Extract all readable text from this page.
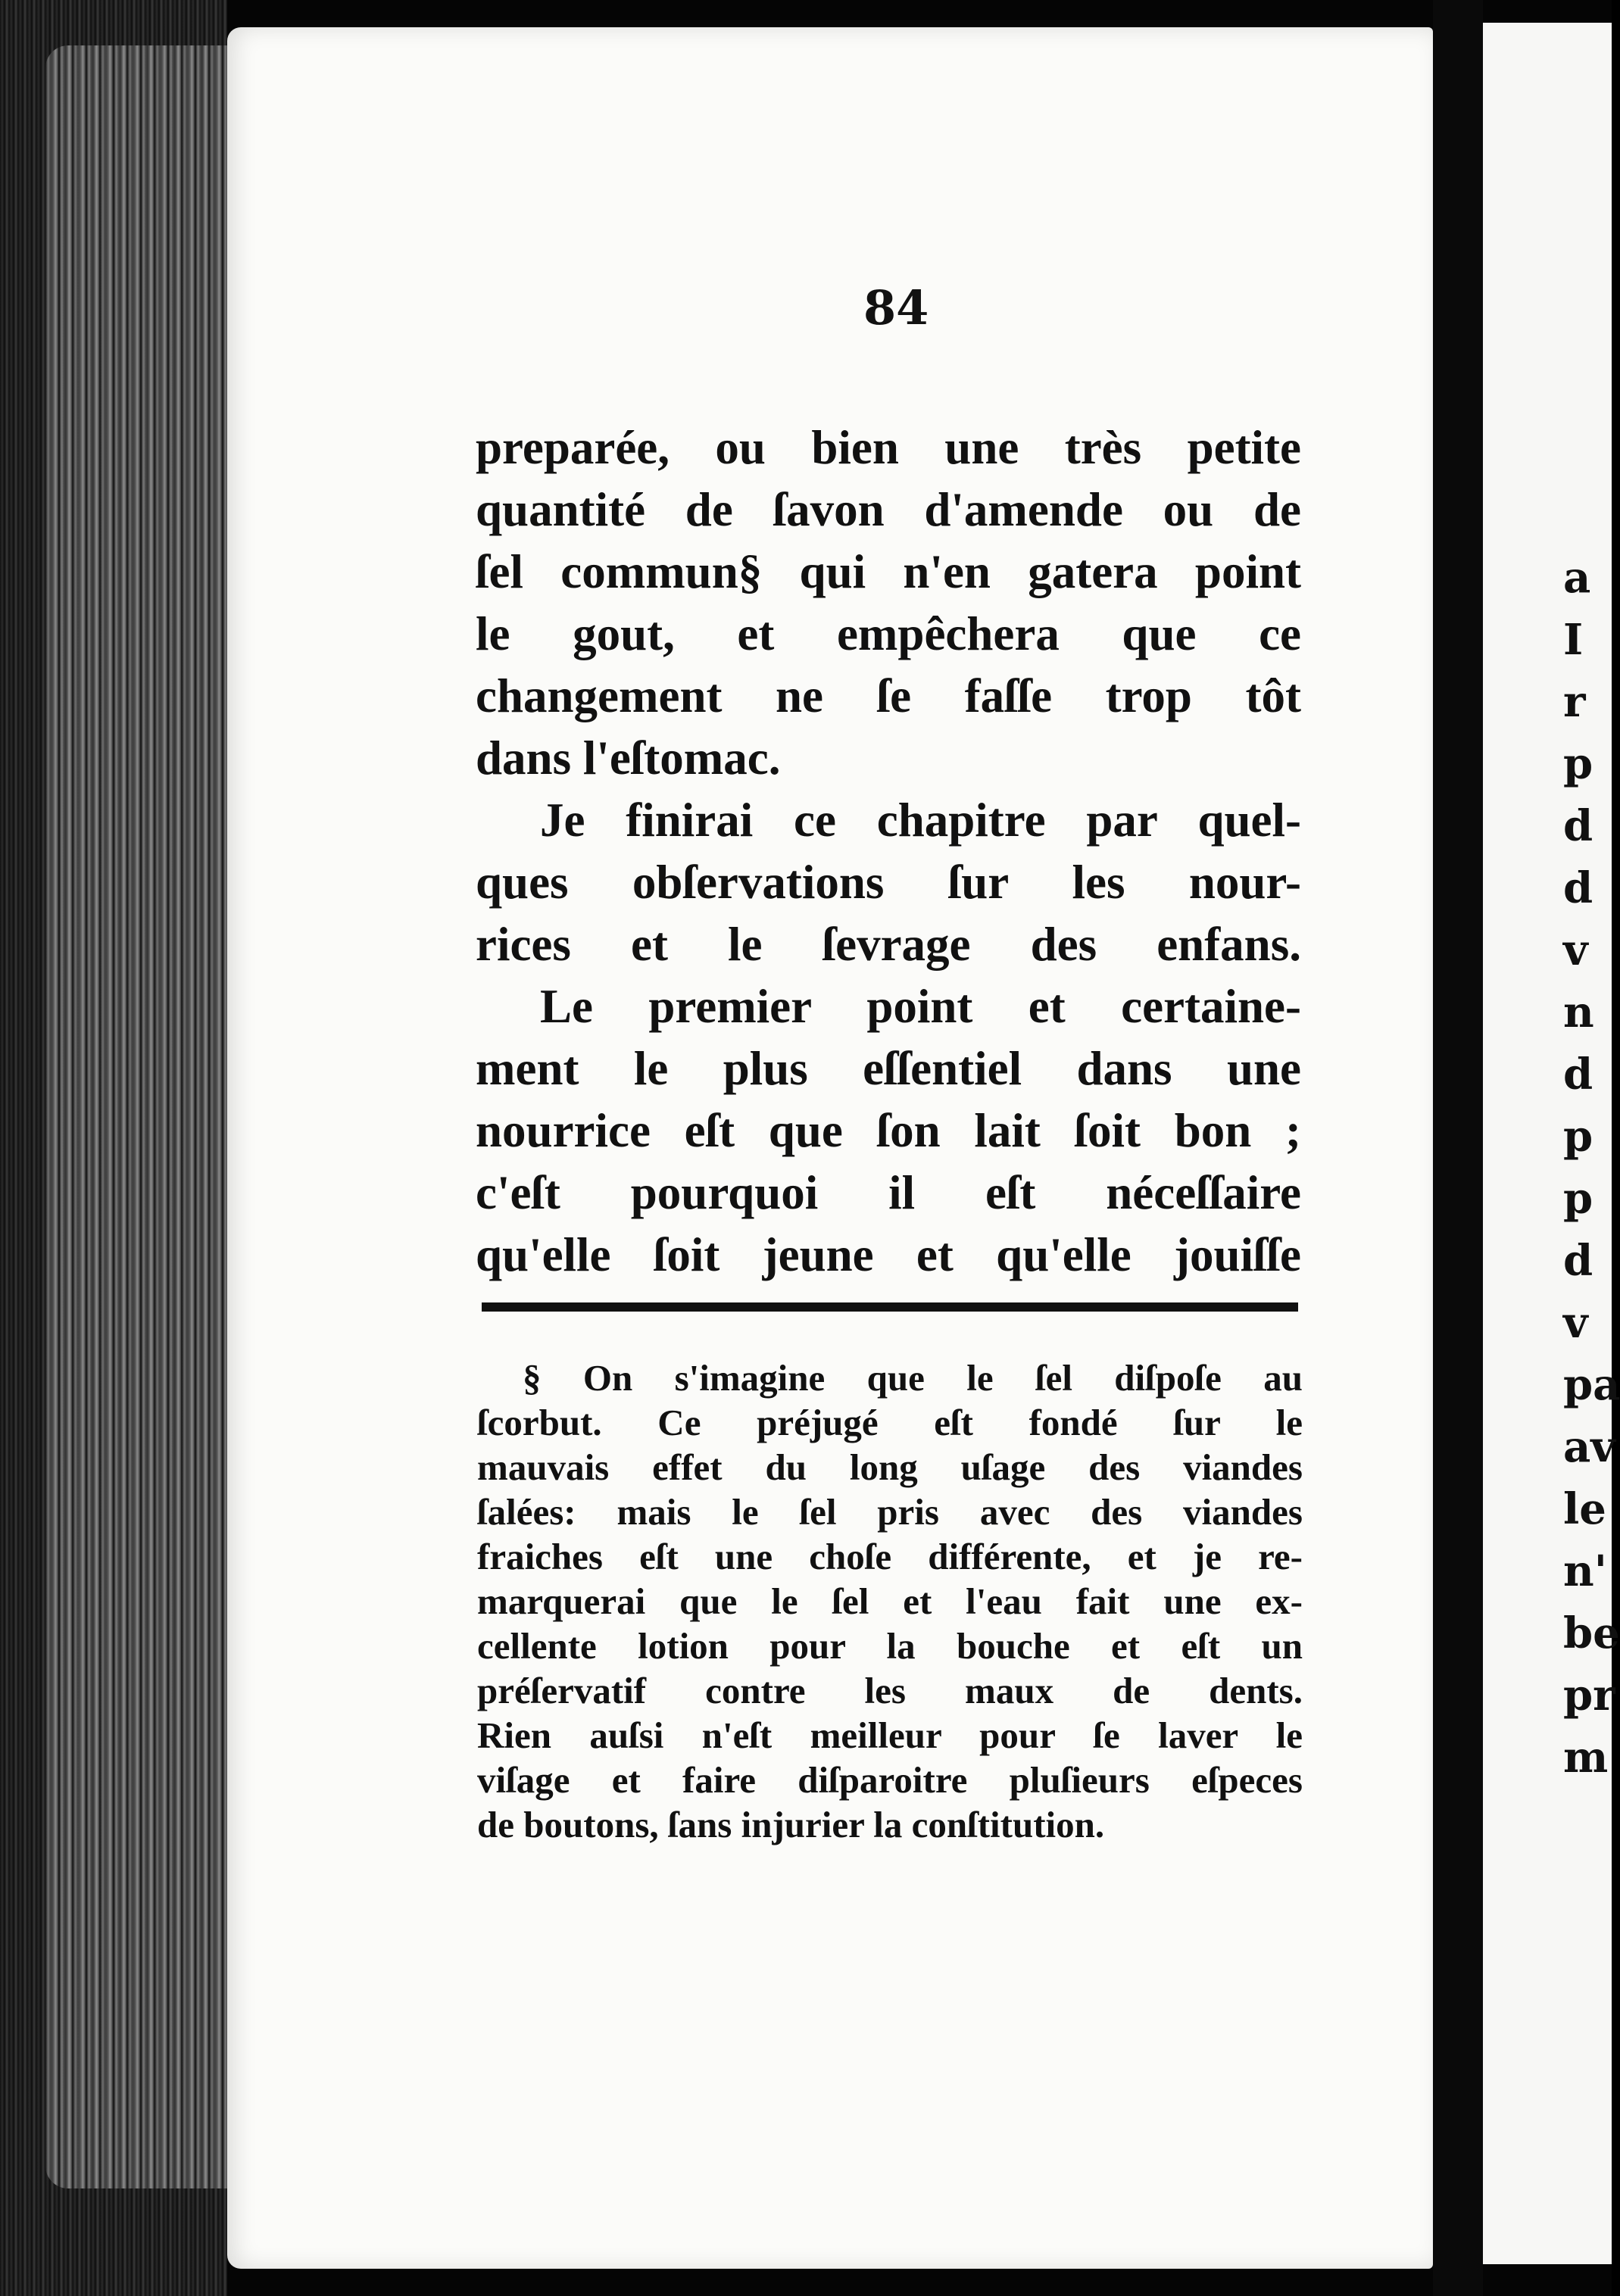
a
I
r
p
d
d
v
n
d
p
p
d
v
pa
av
le
n'
be
pr
m
84
preparée, ou bien une très petite
quantité de ſavon d'amende ou de
ſel commun§ qui n'en gatera point
le gout, et empêchera que ce
changement ne ſe faſſe trop tôt
dans l'eſtomac.
Je finirai ce chapitre par quel-
ques obſervations ſur les nour-
rices et le ſevrage des enfans.
Le premier point et certaine-
ment le plus eſſentiel dans une
nourrice eſt que ſon lait ſoit bon ;
c'eſt pourquoi il eſt néceſſaire
qu'elle ſoit jeune et qu'elle jouiſſe
§ On s'imagine que le ſel diſpoſe au
ſcorbut. Ce préjugé eſt fondé ſur le
mauvais effet du long uſage des viandes
ſalées: mais le ſel pris avec des viandes
fraiches eſt une choſe différente, et je re-
marquerai que le ſel et l'eau fait une ex-
cellente lotion pour la bouche et eſt un
préſervatif contre les maux de dents.
Rien auſsi n'eſt meilleur pour ſe laver le
viſage et faire diſparoitre pluſieurs eſpeces
de boutons, ſans injurier la conſtitution.
